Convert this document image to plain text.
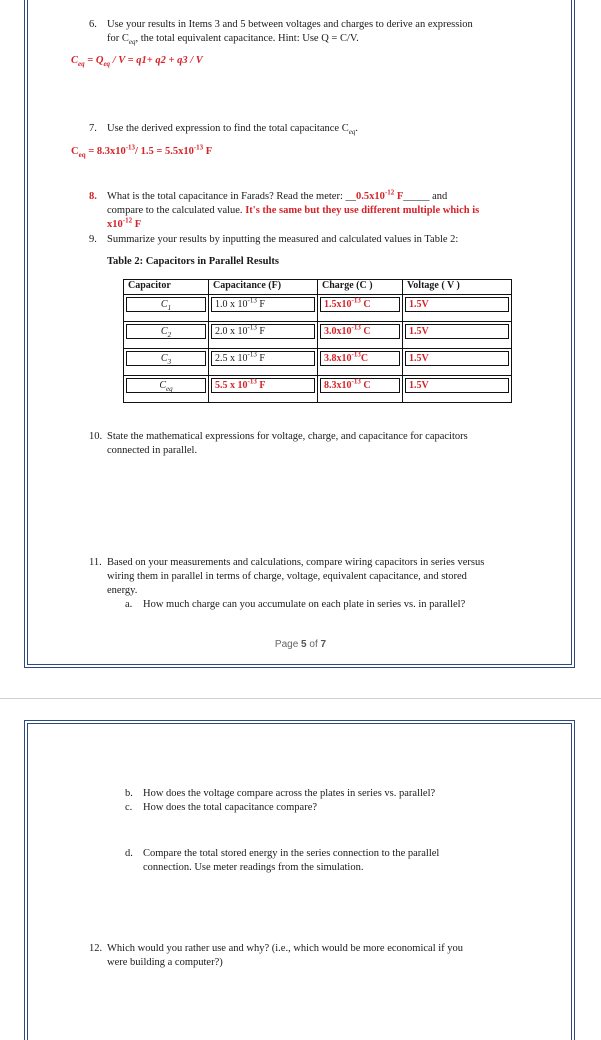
6. Use your results in Items 3 and 5 between voltages and charges to derive an expression
for $C_{eq}$, the total equivalent capacitance. Hint: Use Q = C/V.
$C_{eq} = Q_{eq} / V = q1+ q2 + q3 / V$
7. Use the derived expression to find the total capacitance $C_{eq}$.
$C_{eq} = 8.3x10^{-13}/$ $1.5 = 5.5x10^{-13}$ F
8. What is the total capacitance in Farads? Read the meter: $\_\_0.5x10^{-12}$ F_____ and
compare to the calculated value. It's the same but they use different multiple which is
$x10^{-12}$ F
9. Summarize your results by inputting the measured and calculated values in Table 2:
Table 2: Capacitors in Parallel Results
Capacitor	Capacitance (F)	Charge (C )	Voltage ( V )

$C_1$	1.0 x $10^{-13}$ F	$1.5x10^{-13}$ C	1.5V

$C_2$	2.0 x $10^{-13}$ F	$3.0x10^{-13}$ C	1.5V

$C_3$	2.5 x $10^{-13}$ F	$3.8x10^{-13}C$	1.5V

$C_{eq}$	5.5 x $10^{-13}$ F	$8.3x10^{-13}$ C	1.5V
10. State the mathematical expressions for voltage, charge, and capacitance for capacitors
connected in parallel.
11. Based on your measurements and calculations, compare wiring capacitors in series versus
wiring them in parallel in terms of charge, voltage, equivalent capacitance, and stored
energy.
a. How much charge can you accumulate on each plate in series vs. in parallel?
Page 5 of 7
b. How does the voltage compare across the plates in series vs. parallel?
c. How does the total capacitance compare?
d. Compare the total stored energy in the series connection to the parallel
connection. Use meter readings from the simulation.
12. Which would you rather use and why? (i.e., which would be more economical if you
were building a computer?)
